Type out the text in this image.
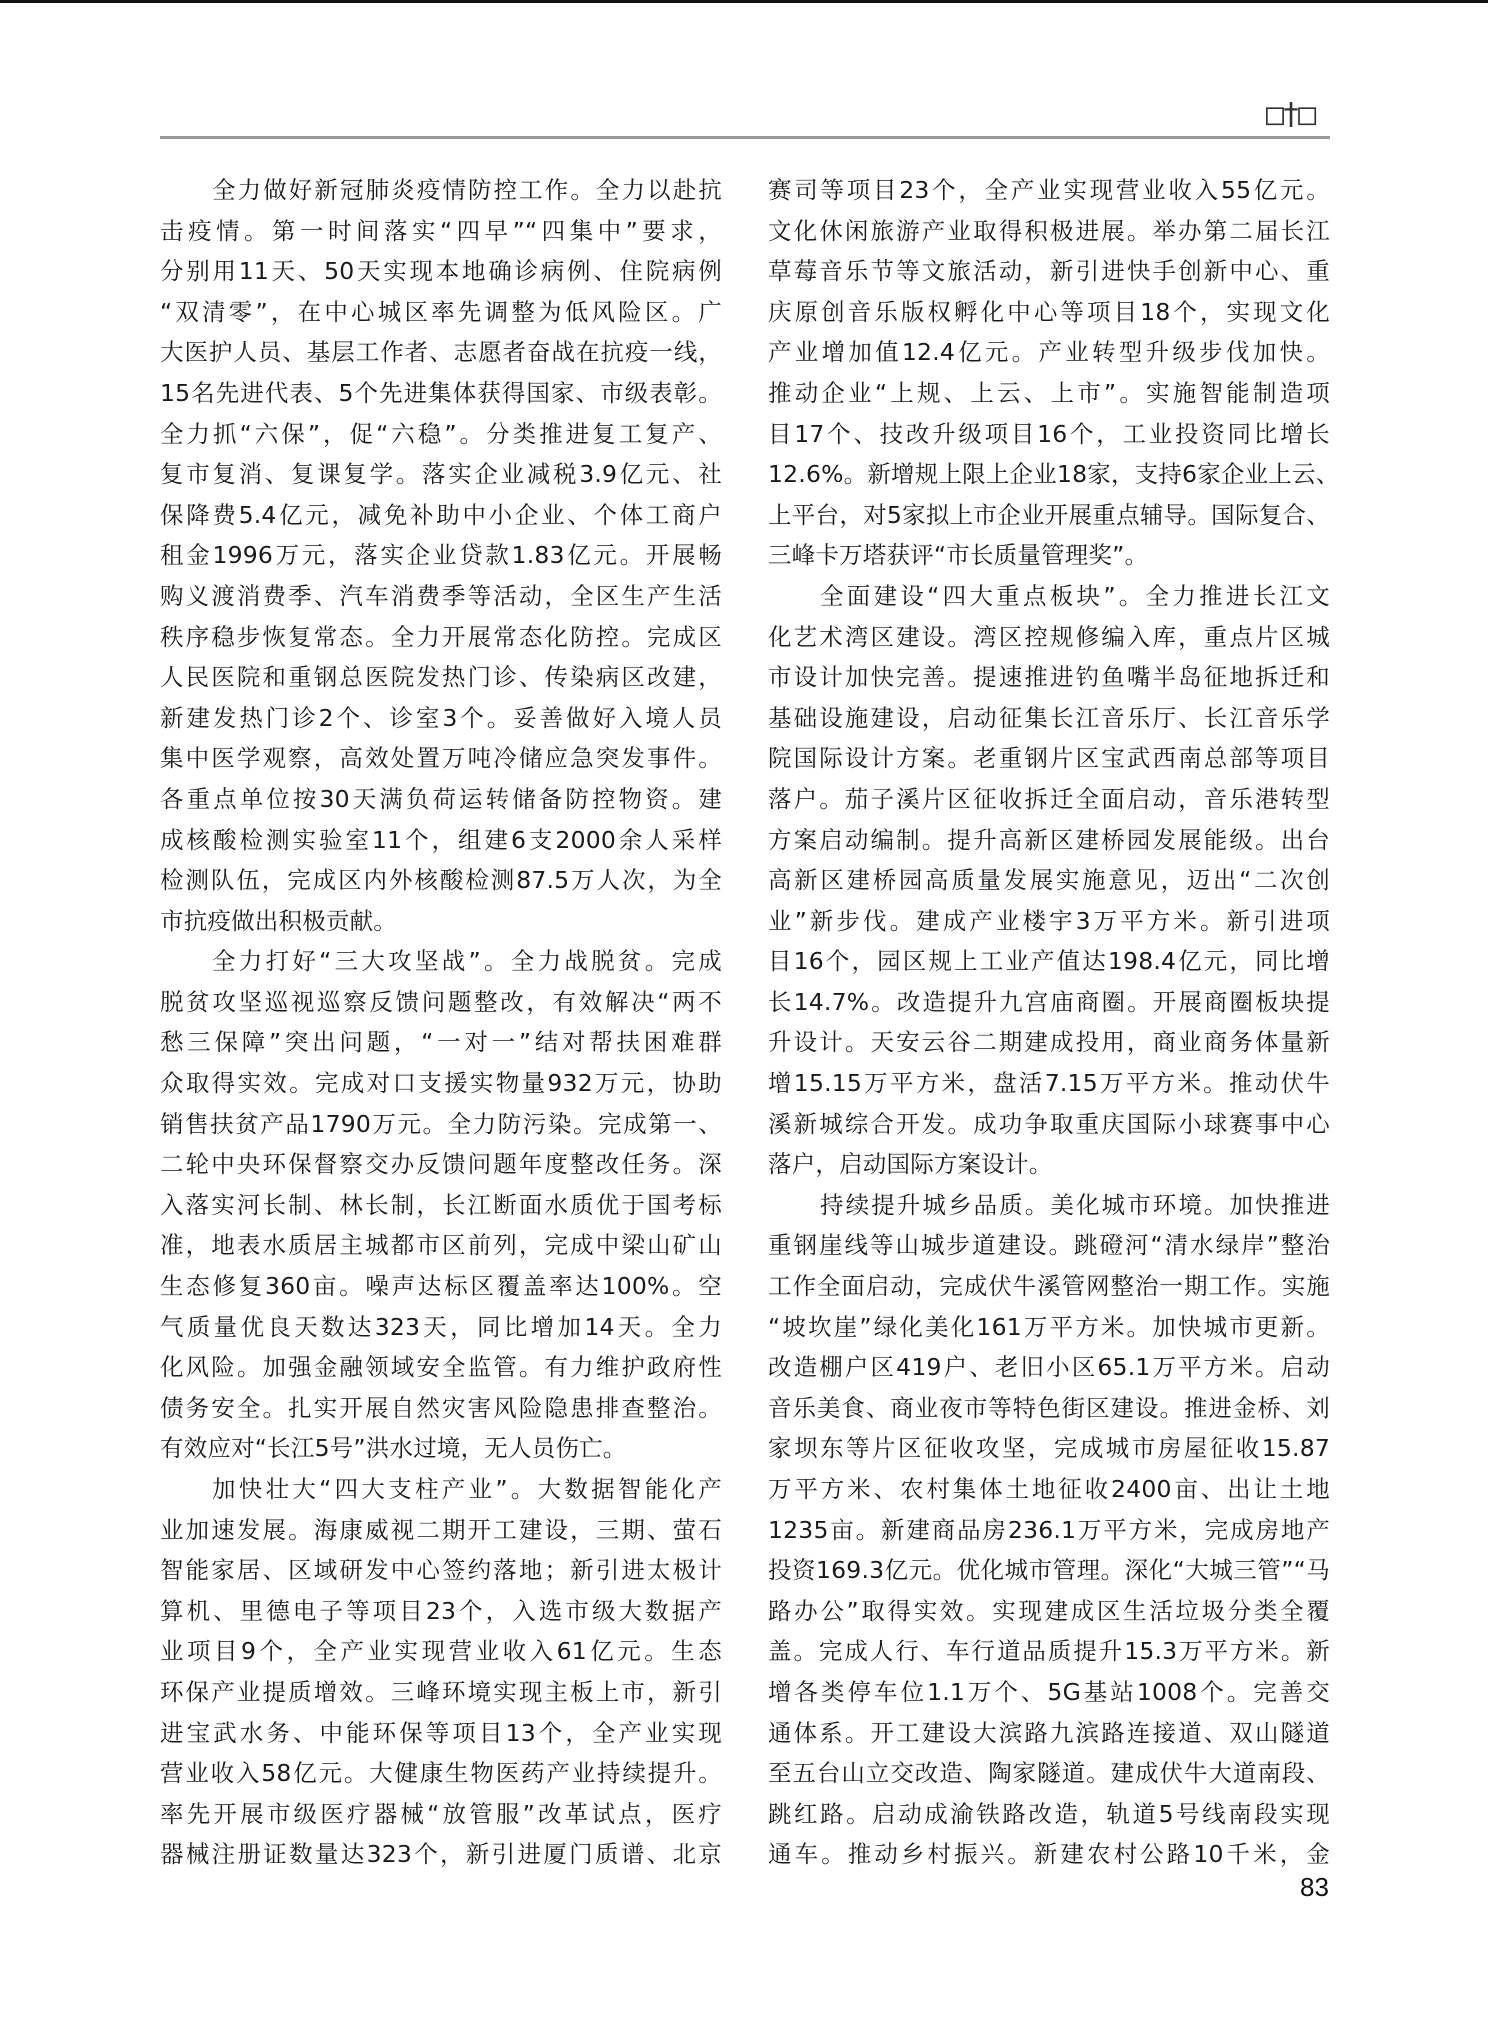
□†□
全力做好新冠肺炎疫情防控工作。全力以赴抗
击疫情。第一时间落实“四早”“四集中”要求，
分别用11天、50天实现本地确诊病例、住院病例
“双清零”，在中心城区率先调整为低风险区。广
大医护人员、基层工作者、志愿者奋战在抗疫一线，
15名先进代表、5个先进集体获得国家、市级表彰。
全力抓“六保”，促“六稳”。分类推进复工复产、
复市复消、复课复学。落实企业减税3.9亿元、社
保降费5.4亿元，减免补助中小企业、个体工商户
租金1996万元，落实企业贷款1.83亿元。开展畅
购义渡消费季、汽车消费季等活动，全区生产生活
秩序稳步恢复常态。全力开展常态化防控。完成区
人民医院和重钢总医院发热门诊、传染病区改建，
新建发热门诊2个、诊室3个。妥善做好入境人员
集中医学观察，高效处置万吨冷储应急突发事件。
各重点单位按30天满负荷运转储备防控物资。建
成核酸检测实验室11个，组建6支2000余人采样
检测队伍，完成区内外核酸检测87.5万人次，为全
市抗疫做出积极贡献。
全力打好“三大攻坚战”。全力战脱贫。完成
脱贫攻坚巡视巡察反馈问题整改，有效解决“两不
愁三保障”突出问题，“一对一”结对帮扶困难群
众取得实效。完成对口支援实物量932万元，协助
销售扶贫产品1790万元。全力防污染。完成第一、
二轮中央环保督察交办反馈问题年度整改任务。深
入落实河长制、林长制，长江断面水质优于国考标
准，地表水质居主城都市区前列，完成中梁山矿山
生态修复360亩。噪声达标区覆盖率达100%。空
气质量优良天数达323天，同比增加14天。全力
化风险。加强金融领域安全监管。有力维护政府性
债务安全。扎实开展自然灾害风险隐患排查整治。
有效应对“长江5号”洪水过境，无人员伤亡。
加快壮大“四大支柱产业”。大数据智能化产
业加速发展。海康威视二期开工建设，三期、萤石
智能家居、区域研发中心签约落地；新引进太极计
算机、里德电子等项目23个，入选市级大数据产
业项目9个，全产业实现营业收入61亿元。生态
环保产业提质增效。三峰环境实现主板上市，新引
进宝武水务、中能环保等项目13个，全产业实现
营业收入58亿元。大健康生物医药产业持续提升。
率先开展市级医疗器械“放管服”改革试点，医疗
器械注册证数量达323个，新引进厦门质谱、北京
赛司等项目23个，全产业实现营业收入55亿元。
文化休闲旅游产业取得积极进展。举办第二届长江
草莓音乐节等文旅活动，新引进快手创新中心、重
庆原创音乐版权孵化中心等项目18个，实现文化
产业增加值12.4亿元。产业转型升级步伐加快。
推动企业“上规、上云、上市”。实施智能制造项
目17个、技改升级项目16个，工业投资同比增长
12.6%。新增规上限上企业18家，支持6家企业上云、
上平台，对5家拟上市企业开展重点辅导。国际复合、
三峰卡万塔获评“市长质量管理奖”。
全面建设“四大重点板块”。全力推进长江文
化艺术湾区建设。湾区控规修编入库，重点片区城
市设计加快完善。提速推进钓鱼嘴半岛征地拆迁和
基础设施建设，启动征集长江音乐厅、长江音乐学
院国际设计方案。老重钢片区宝武西南总部等项目
落户。茄子溪片区征收拆迁全面启动，音乐港转型
方案启动编制。提升高新区建桥园发展能级。出台
高新区建桥园高质量发展实施意见，迈出“二次创
业”新步伐。建成产业楼宇3万平方米。新引进项
目16个，园区规上工业产值达198.4亿元，同比增
长14.7%。改造提升九宫庙商圈。开展商圈板块提
升设计。天安云谷二期建成投用，商业商务体量新
增15.15万平方米，盘活7.15万平方米。推动伏牛
溪新城综合开发。成功争取重庆国际小球赛事中心
落户，启动国际方案设计。
持续提升城乡品质。美化城市环境。加快推进
重钢崖线等山城步道建设。跳磴河“清水绿岸”整治
工作全面启动，完成伏牛溪管网整治一期工作。实施
“坡坎崖”绿化美化161万平方米。加快城市更新。
改造棚户区419户、老旧小区65.1万平方米。启动
音乐美食、商业夜市等特色街区建设。推进金桥、刘
家坝东等片区征收攻坚，完成城市房屋征收15.87
万平方米、农村集体土地征收2400亩、出让土地
1235亩。新建商品房236.1万平方米，完成房地产
投资169.3亿元。优化城市管理。深化“大城三管”“马
路办公”取得实效。实现建成区生活垃圾分类全覆
盖。完成人行、车行道品质提升15.3万平方米。新
增各类停车位1.1万个、5G基站1008个。完善交
通体系。开工建设大滨路九滨路连接道、双山隧道
至五台山立交改造、陶家隧道。建成伏牛大道南段、
跳红路。启动成渝铁路改造，轨道5号线南段实现
通车。推动乡村振兴。新建农村公路10千米，金
83
